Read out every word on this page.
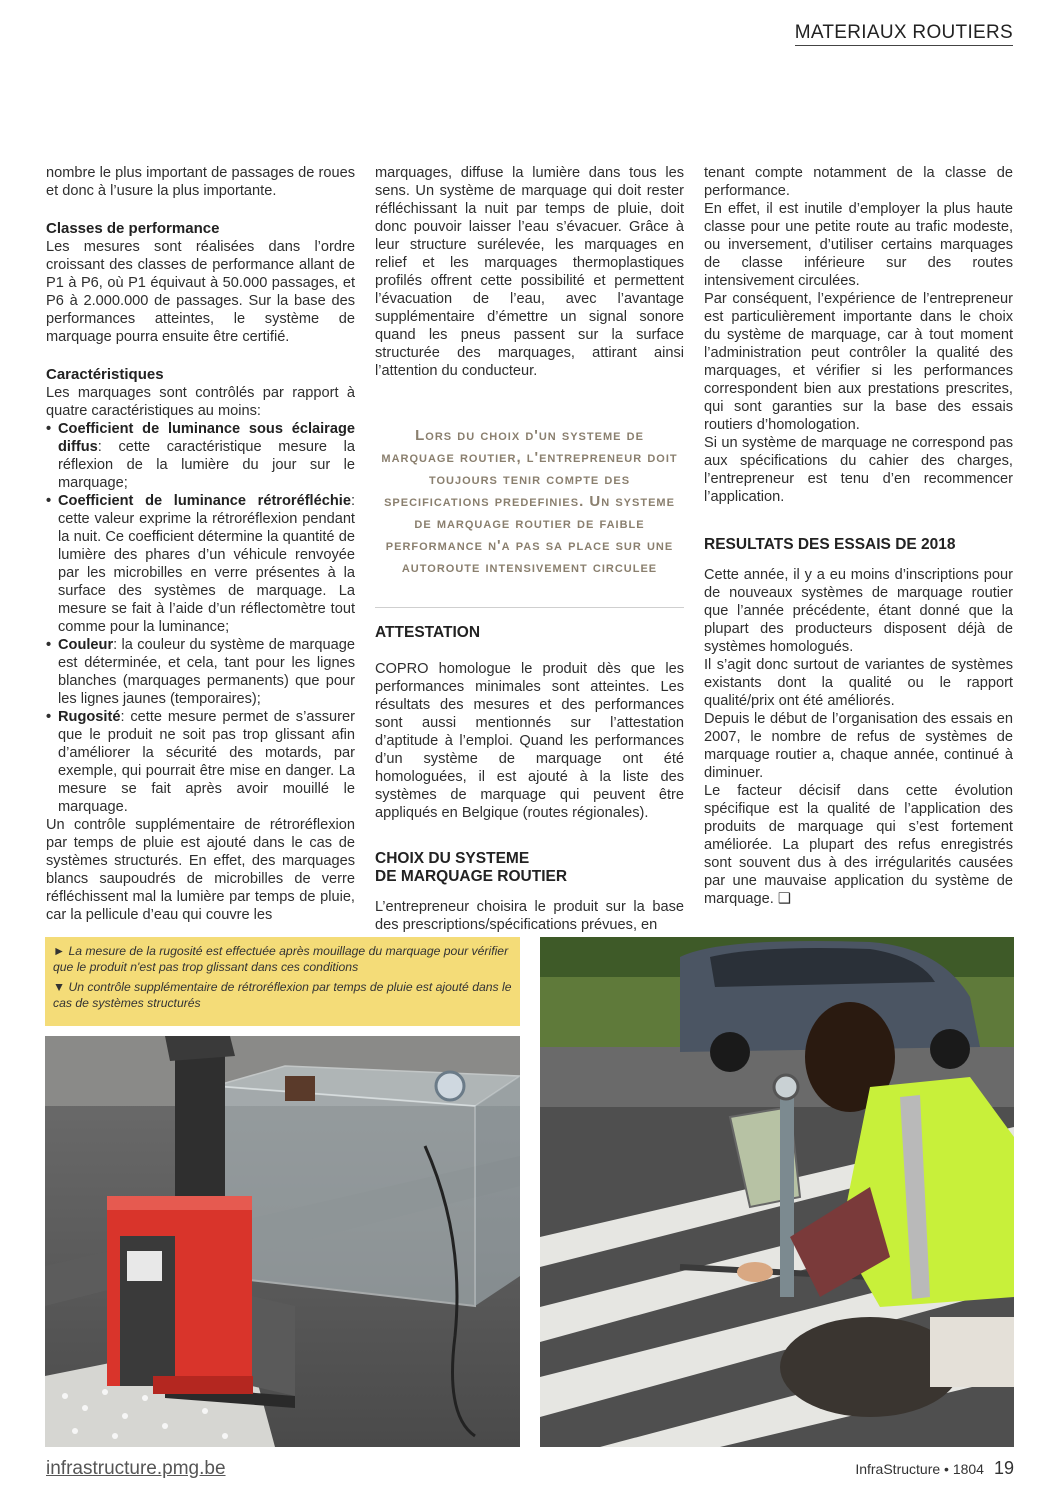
MATERIAUX ROUTIERS

nombre le plus important de passages de roues et donc à l’usure la plus importante.

Classes de performance

Les mesures sont réalisées dans l’ordre croissant des classes de performance allant de P1 à P6, où P1 équivaut à 50.000 passages, et P6 à 2.000.000 de passages. Sur la base des performances atteintes, le système de marquage pourra ensuite être certifié.

Caractéristiques

Les marquages sont contrôlés par rapport à quatre caractéristiques au moins:

• Coefficient de luminance sous éclairage diffus: cette caractéristique mesure la réflexion de la lumière du jour sur le marquage;
• Coefficient de luminance rétroréfléchie: cette valeur exprime la rétroréflexion pendant la nuit. Ce coefficient détermine la quantité de lumière des phares d’un véhicule renvoyée par les microbilles en verre présentes à la surface des systèmes de marquage. La mesure se fait à l’aide d’un réflectomètre tout comme pour la luminance;
• Couleur: la couleur du système de marquage est déterminée, et cela, tant pour les lignes blanches (marquages permanents) que pour les lignes jaunes (temporaires);
• Rugosité: cette mesure permet de s’assurer que le produit ne soit pas trop glissant afin d’améliorer la sécurité des motards, par exemple, qui pourrait être mise en danger. La mesure se fait après avoir mouillé le marquage.

Un contrôle supplémentaire de rétroréflexion par temps de pluie est ajouté dans le cas de systèmes structurés. En effet, des marquages blancs saupoudrés de microbilles de verre réfléchissent mal la lumière par temps de pluie, car la pellicule d’eau qui couvre les

marquages, diffuse la lumière dans tous les sens. Un système de marquage qui doit rester réfléchissant la nuit par temps de pluie, doit donc pouvoir laisser l’eau s’évacuer. Grâce à leur structure surélevée, les marquages en relief et les marquages thermoplastiques profilés offrent cette possibilité et permettent l’évacuation de l’eau, avec l’avantage supplémentaire d’émettre un signal sonore quand les pneus passent sur la surface structurée des marquages, attirant ainsi l’attention du conducteur.

Lors du choix d'un systeme de marquage routier, l'entrepreneur doit toujours tenir compte des specifications predefinies. Un systeme de marquage routier de faible performance n'a pas sa place sur une autoroute intensivement circulee
ATTESTATION

COPRO homologue le produit dès que les performances minimales sont atteintes. Les résultats des mesures et des performances sont aussi mentionnés sur l’attestation d’aptitude à l’emploi. Quand les performances d’un système de marquage ont été homologuées, il est ajouté à la liste des systèmes de marquage qui peuvent être appliqués en Belgique (routes régionales).

CHOIX DU SYSTEME
DE MARQUAGE ROUTIER

L’entrepreneur choisira le produit sur la base des prescriptions/spécifications prévues, en

tenant compte notamment de la classe de performance.

En effet, il est inutile d’employer la plus haute classe pour une petite route au trafic modeste, ou inversement, d’utiliser certains marquages de classe inférieure sur des routes intensivement circulées.

Par conséquent, l’expérience de l’entrepreneur est particulièrement importante dans le choix du système de marquage, car à tout moment l’administration peut contrôler la qualité des marquages, et vérifier si les performances correspondent bien aux prestations prescrites, qui sont garanties sur la base des essais routiers d’homologation.

Si un système de marquage ne correspond pas aux spécifications du cahier des charges, l’entrepreneur est tenu d’en recommencer l’application.

RESULTATS DES ESSAIS DE 2018

Cette année, il y a eu moins d’inscriptions pour de nouveaux systèmes de marquage routier que l’année précédente, étant donné que la plupart des producteurs disposent déjà de systèmes homologués.

Il s’agit donc surtout de variantes de systèmes existants dont la qualité ou le rapport qualité/prix ont été améliorés.

Depuis le début de l’organisation des essais en 2007, le nombre de refus de systèmes de marquage routier a, chaque année, continué à diminuer.

Le facteur décisif dans cette évolution spécifique est la qualité de l’application des produits de marquage qui s’est fortement améliorée. La plupart des refus enregistrés sont souvent dus à des irrégularités causées par une mauvaise application du système de marquage. ❑

► La mesure de la rugosité est effectuée après mouillage du marquage pour vérifier que le produit n'est pas trop glissant dans ces conditions

▼ Un contrôle supplémentaire de rétroréflexion par temps de pluie est ajouté dans le cas de systèmes structurés

infrastructure.pmg.be	InfraStructure • 1804 19
